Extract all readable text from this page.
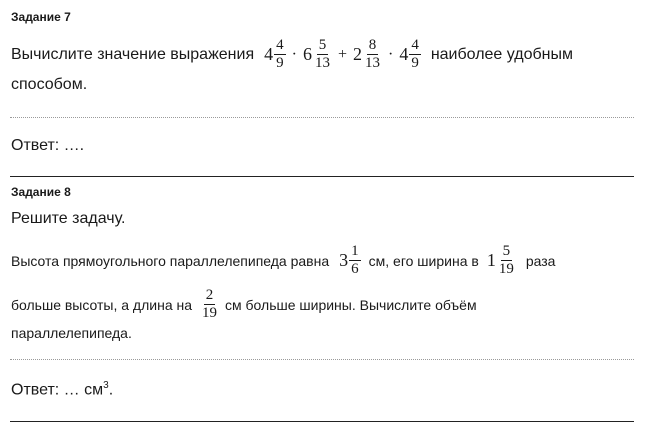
Задание 7
Вычислите значение выражения $4 \frac{4}{9} \cdot 6 \frac{5}{13} + 2 \frac{8}{13} \cdot 4 \frac{4}{9}$ наиболее удобным
способом.
Ответ: ….
Задание 8
Решите задачу.
Высота прямоугольного параллелепипеда равна $3 \frac{1}{6}$ см, его ширина в $1 \frac{5}{19}$ раза
больше высоты, а длина на $\frac{2}{19}$ см больше ширины. Вычислите объём
параллелепипеда.
Ответ: … $см^3$.
